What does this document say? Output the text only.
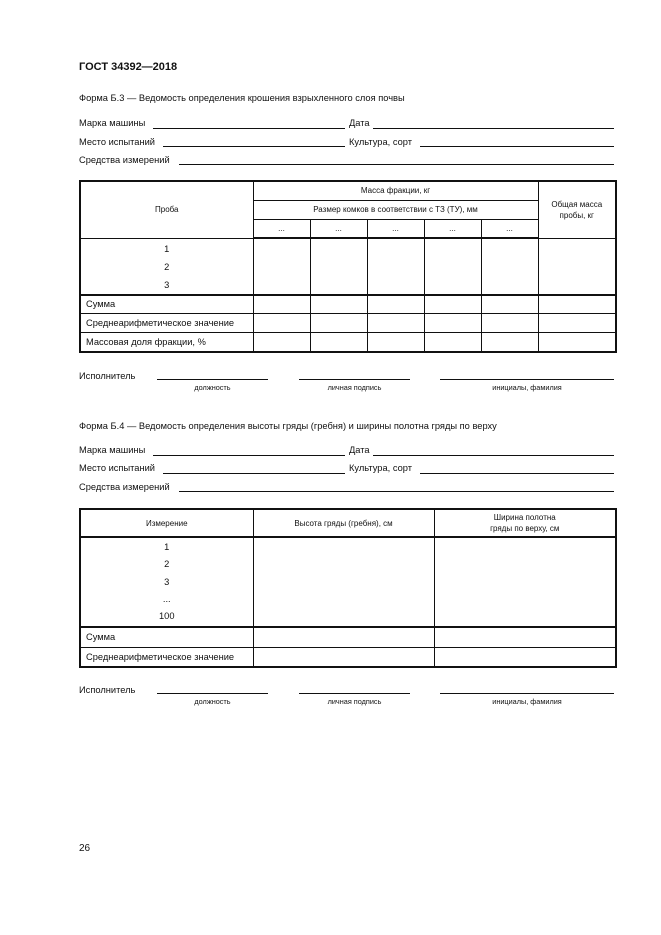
ГОСТ 34392—2018
Форма Б.3 — Ведомость определения крошения взрыхленного слоя почвы
Марка машины	Дата
Место испытаний	Культура, сорт
Средства измерений
Проба	Масса фракции, кг					Общая масса пробы, кг
	Размер комков в соответствии с ТЗ (ТУ), мм					
	...	...	...	...	...	

1
2
3						

Сумма						
Среднеарифметическое значение						
Массовая доля фракции, %						
Исполнитель
должность	личная подпись	инициалы, фамилия
Форма Б.4 — Ведомость определения высоты гряды (гребня) и ширины полотна гряды по верху
Марка машины	Дата
Место испытаний	Культура, сорт
Средства измерений
Измерение	Высота гряды (гребня), см	Ширина полотна
гряды по верху, см

1
2
3
...
100		

Сумма		
Среднеарифметическое значение		
Исполнитель
должность	личная подпись	инициалы, фамилия
26
